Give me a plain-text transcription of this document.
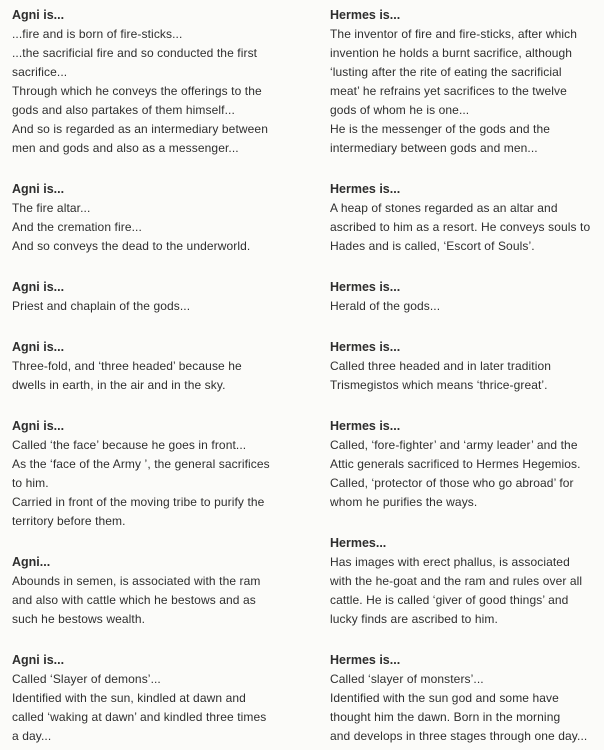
Agni is...
...fire and is born of fire-sticks...
...the sacrificial fire and so conducted the first
sacrifice...
Through which he conveys the offerings to the
gods and also partakes of them himself...
And so is regarded as an intermediary between
men and gods and also as a messenger...
Agni is...
The fire altar...
And the cremation fire...
And so conveys the dead to the underworld.
Agni is...
Priest and chaplain of the gods...
Agni is...
Three-fold, and ‘three headed’ because he
dwells in earth, in the air and in the sky.
Agni is...
Called ‘the face’ because he goes in front...
As the ‘face of the Army ’, the general sacrifices
to him.
Carried in front of the moving tribe to purify the
territory before them.
Agni...
Abounds in semen, is associated with the ram
and also with cattle which he bestows and as
such he bestows wealth.
Agni is...
Called ‘Slayer of demons’...
Identified with the sun, kindled at dawn and
called ‘waking at dawn’ and kindled three times
a day...
Hermes is...
The inventor of fire and fire-sticks, after which
invention he holds a burnt sacrifice, although
‘lusting after the rite of eating the sacrificial
meat’ he refrains yet sacrifices to the twelve
gods of whom he is one...
He is the messenger of the gods and the
intermediary between gods and men...
Hermes is...
A heap of stones regarded as an altar and
ascribed to him as a resort. He conveys souls to
Hades and is called, ‘Escort of Souls’.
Hermes is...
Herald of the gods...
Hermes is...
Called three headed and in later tradition
Trismegistos which means ‘thrice-great’.
Hermes is...
Called, ‘fore-fighter’ and ‘army leader’ and the
Attic generals sacrificed to Hermes Hegemios.
Called, ‘protector of those who go abroad’ for
whom he purifies the ways.
Hermes...
Has images with erect phallus, is associated
with the he-goat and the ram and rules over all
cattle. He is called ‘giver of good things’ and
lucky finds are ascribed to him.
Hermes is...
Called ‘slayer of monsters’...
Identified with the sun god and some have
thought him the dawn. Born in the morning
and develops in three stages through one day...
